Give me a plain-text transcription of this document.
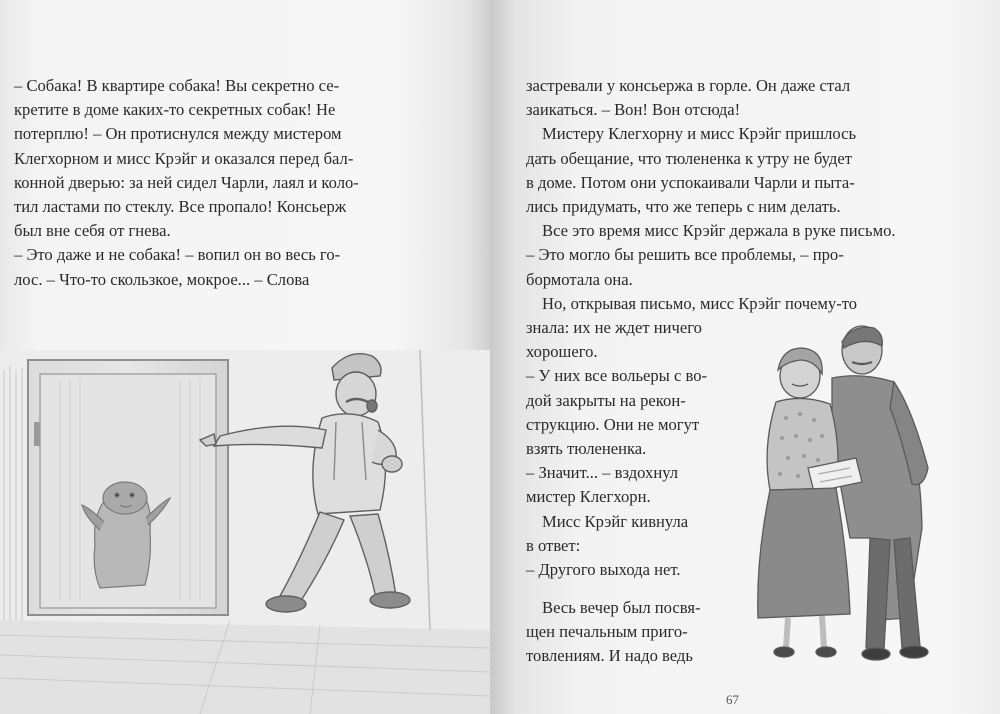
– Собака! В квартире собака! Вы секретно се-

кретите в доме каких-то секретных собак! Не

потерплю! – Он протиснулся между мистером

Клегхорном и мисс Крэйг и оказался перед бал-

конной дверью: за ней сидел Чарли, лаял и коло-

тил ластами по стеклу. Все пропало! Консьерж

был вне себя от гнева.

– Это даже и не собака! – вопил он во весь го-

лос. – Что-то скользкое, мокрое... – Слова

застревали у консьержа в горле. Он даже стал

заикаться. – Вон! Вон отсюда!

Мистеру Клегхорну и мисс Крэйг пришлось

дать обещание, что тюлененка к утру не будет

в доме. Потом они успокаивали Чарли и пыта-

лись придумать, что же теперь с ним делать.

Все это время мисс Крэйг держала в руке письмо.

– Это могло бы решить все проблемы, – про-

бормотала она.

Но, открывая письмо, мисс Крэйг почему-то

знала: их не ждет ничего

хорошего.

– У них все вольеры с во-

дой закрыты на рекон-

струкцию. Они не могут

взять тюлененка.

– Значит... – вздохнул

мистер Клегхорн.

Мисс Крэйг кивнула

в ответ:

– Другого выхода нет.

Весь вечер был посвя-

щен печальным приго-

товлениям. И надо ведь

67
